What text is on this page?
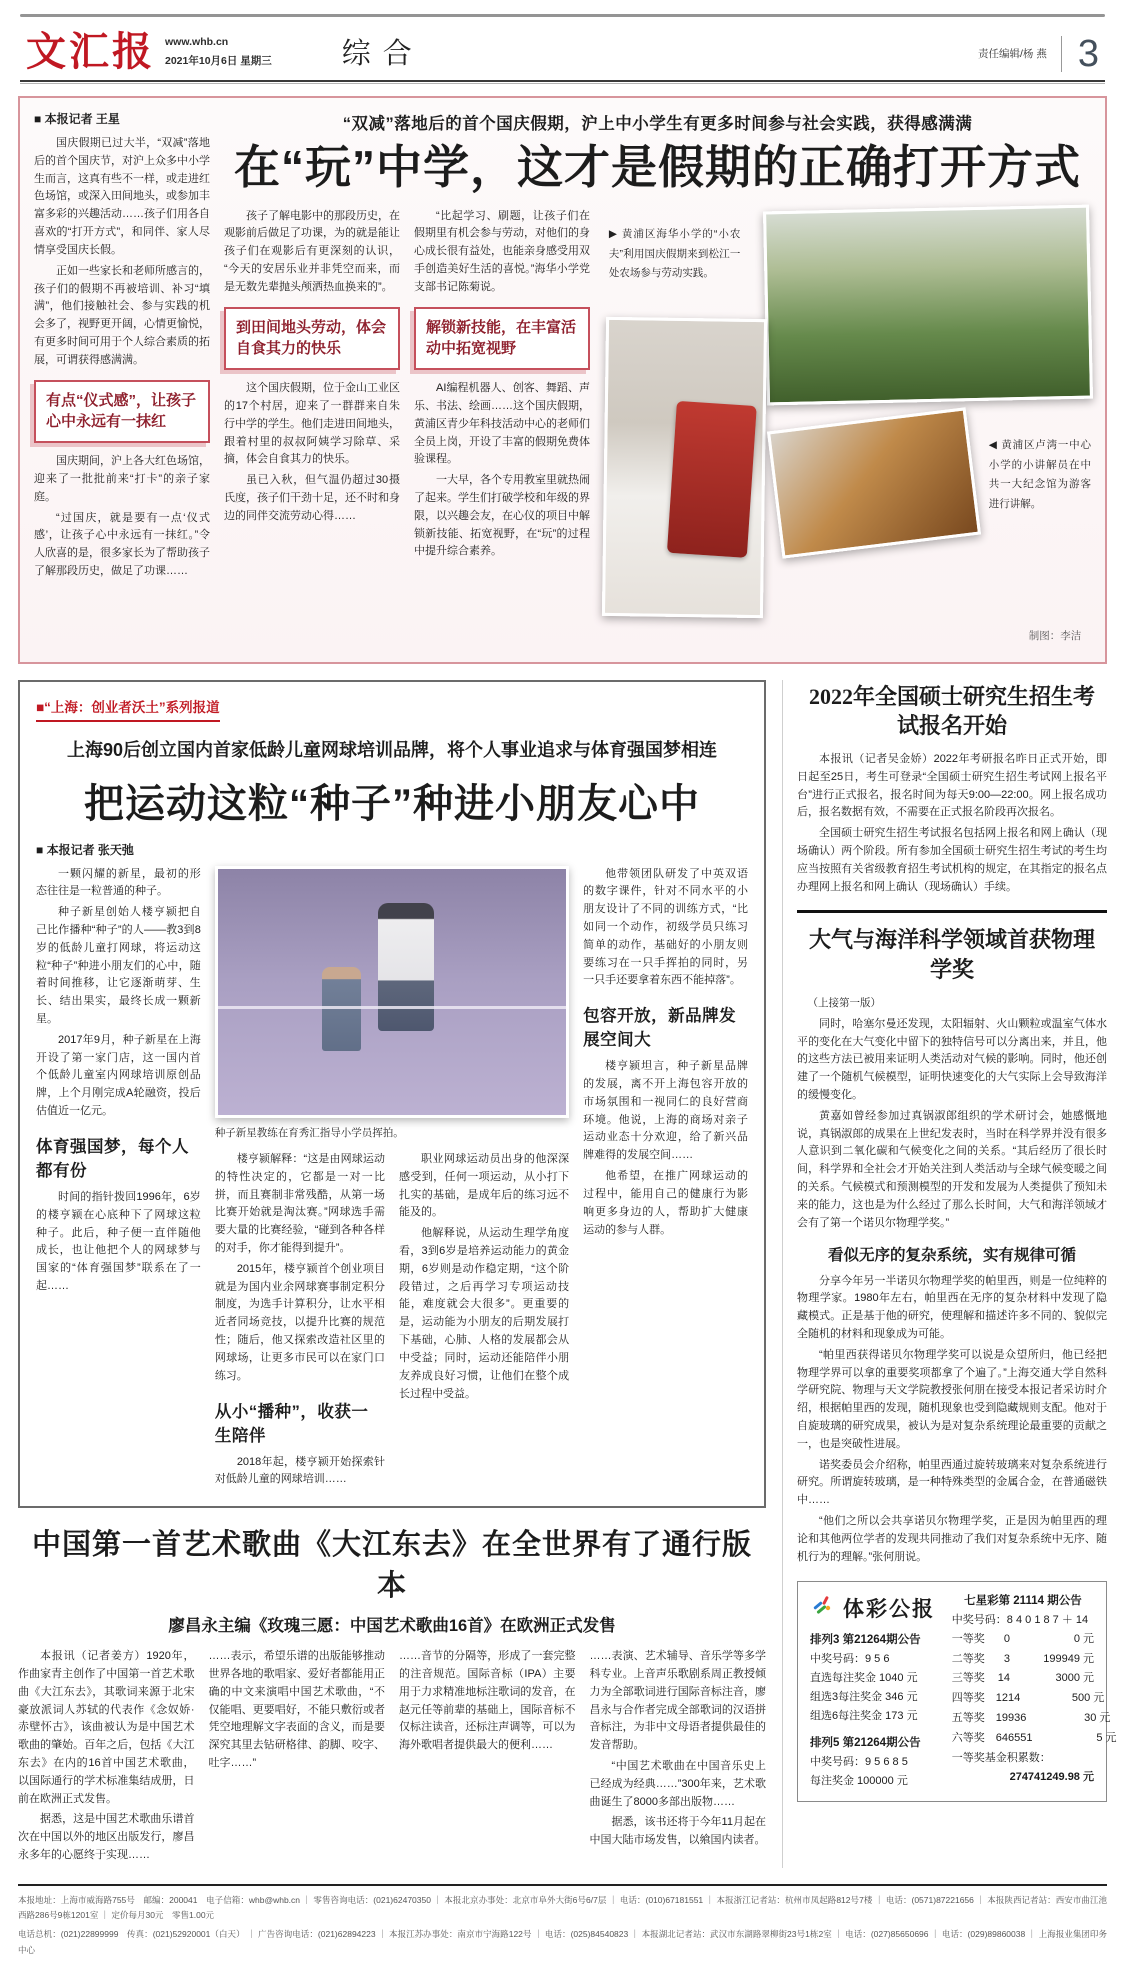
文汇报 www.whb.cn
2021年10月6日 星期三 综合	责任编辑/杨 燕 3
■ 本报记者 王星

国庆假期已过大半，“双减”落地后的首个国庆节，对沪上众多中小学生而言，这真有些不一样，或走进红色场馆，或深入田间地头，或参加丰富多彩的兴趣活动……孩子们用各自喜欢的“打开方式”，和同伴、家人尽情享受国庆长假。

正如一些家长和老师所感言的，孩子们的假期不再被培训、补习“填满”，他们接触社会、参与实践的机会多了，视野更开阔，心情更愉悦，有更多时间可用于个人综合素质的拓展，可谓获得感满满。

有点“仪式感”，让孩子心中永远有一抹红

国庆期间，沪上各大红色场馆，迎来了一批批前来“打卡”的亲子家庭。

“过国庆，就是要有一点‘仪式感’，让孩子心中永远有一抹红。”令人欣喜的是，很多家长为了帮助孩子了解那段历史，做足了功课……

“双减”落地后的首个国庆假期，沪上中小学生有更多时间参与社会实践，获得感满满
在“玩”中学，这才是假期的正确打开方式

孩子了解电影中的那段历史，在观影前后做足了功课，为的就是能让孩子们在观影后有更深刻的认识，“今天的安居乐业并非凭空而来，而是无数先辈抛头颅洒热血换来的”。

到田间地头劳动，体会自食其力的快乐

这个国庆假期，位于金山工业区的17个村居，迎来了一群群来自朱行中学的学生。他们走进田间地头，跟着村里的叔叔阿姨学习除草、采摘，体会自食其力的快乐。

虽已入秋，但气温仍超过30摄氏度，孩子们干劲十足，还不时和身边的同伴交流劳动心得……

“比起学习、刷题，让孩子们在假期里有机会参与劳动，对他们的身心成长很有益处，也能亲身感受用双手创造美好生活的喜悦。”海华小学党支部书记陈菊说。

解锁新技能，在丰富活动中拓宽视野

AI编程机器人、创客、舞蹈、声乐、书法、绘画……这个国庆假期，黄浦区青少年科技活动中心的老师们全员上岗，开设了丰富的假期免费体验课程。

一大早，各个专用教室里就热闹了起来。学生们打破学校和年级的界限，以兴趣会友，在心仪的项目中解锁新技能、拓宽视野，在“玩”的过程中提升综合素养。

▶ 黄浦区海华小学的“小农夫”利用国庆假期来到松江一处农场参与劳动实践。
◀ 黄浦区卢湾一中心小学的小讲解员在中共一大纪念馆为游客进行讲解。
制图：李洁
■“上海：创业者沃土”系列报道
上海90后创立国内首家低龄儿童网球培训品牌，将个人事业追求与体育强国梦相连
把运动这粒“种子”种进小朋友心中
■ 本报记者 张天弛

一颗闪耀的新星，最初的形态往往是一粒普通的种子。

种子新星创始人楼亨颍把自己比作播种“种子”的人——教3到8岁的低龄儿童打网球，将运动这粒“种子”种进小朋友们的心中，随着时间推移，让它逐渐萌芽、生长、结出果实，最终长成一颗新星。

2017年9月，种子新星在上海开设了第一家门店，这一国内首个低龄儿童室内网球培训原创品牌，上个月刚完成A轮融资，投后估值近一亿元。

体育强国梦，每个人都有份

时间的指针拨回1996年，6岁的楼亨颍在心底种下了网球这粒种子。此后，种子便一直伴随他成长，也让他把个人的网球梦与国家的“体育强国梦”联系在了一起……

种子新星教练在育秀汇指导小学员挥拍。

楼亨颍解释：“这是由网球运动的特性决定的，它都是一对一比拼，而且赛制非常残酷，从第一场比赛开始就是淘汰赛。”网球选手需要大量的比赛经验，“碰到各种各样的对手，你才能得到提升”。

2015年，楼亨颍首个创业项目就是为国内业余网球赛事制定积分制度，为选手计算积分，让水平相近者同场竞技，以提升比赛的规范性；随后，他又探索改造社区里的网球场，让更多市民可以在家门口练习。

从小“播种”，收获一生陪伴

2018年起，楼亨颍开始探索针对低龄儿童的网球培训……

职业网球运动员出身的他深深感受到，任何一项运动，从小打下扎实的基础，是成年后的练习远不能及的。

他解释说，从运动生理学角度看，3到6岁是培养运动能力的黄金期，6岁则是动作稳定期，“这个阶段错过，之后再学习专项运动技能，难度就会大很多”。更重要的是，运动能为小朋友的后期发展打下基础，心肺、人格的发展都会从中受益；同时，运动还能陪伴小朋友养成良好习惯，让他们在整个成长过程中受益。

他带领团队研发了中英双语的数字课件，针对不同水平的小朋友设计了不同的训练方式，“比如同一个动作，初级学员只练习简单的动作，基础好的小朋友则要练习在一只手挥拍的同时，另一只手还要拿着东西不能掉落”。

包容开放，新品牌发展空间大

楼亨颍坦言，种子新星品牌的发展，离不开上海包容开放的市场氛围和一视同仁的良好营商环境。他说，上海的商场对亲子运动业态十分欢迎，给了新兴品牌难得的发展空间……

他希望，在推广网球运动的过程中，能用自己的健康行为影响更多身边的人，帮助扩大健康运动的参与人群。

中国第一首艺术歌曲《大江东去》在全世界有了通行版本
廖昌永主编《玫瑰三愿：中国艺术歌曲16首》在欧洲正式发售

本报讯（记者姜方）1920年，作曲家青主创作了中国第一首艺术歌曲《大江东去》，其歌词来源于北宋豪放派词人苏轼的代表作《念奴娇·赤壁怀古》，该曲被认为是中国艺术歌曲的肇始。百年之后，包括《大江东去》在内的16首中国艺术歌曲，以国际通行的学术标准集结成册，日前在欧洲正式发售。

据悉，这是中国艺术歌曲乐谱首次在中国以外的地区出版发行，廖昌永多年的心愿终于实现……

……表示，希望乐谱的出版能够推动世界各地的歌唱家、爱好者都能用正确的中文来演唱中国艺术歌曲，“不仅能唱、更要唱好，不能只敷衍或者凭空地理解文字表面的含义，而是要深究其里去钻研格律、韵脚、咬字、吐字……”

……音节的分隔等，形成了一套完整的注音规范。国际音标（IPA）主要用于力求精准地标注歌词的发音，在赵元任等前辈的基础上，国际音标不仅标注读音，还标注声调等，可以为海外歌唱者提供最大的便利……

……表演、艺术辅导、音乐学等多学科专业。上音声乐歌剧系周正教授倾力为全部歌词进行国际音标注音，廖昌永与合作者完成全部歌词的汉语拼音标注，为非中文母语者提供最佳的发音帮助。

“中国艺术歌曲在中国音乐史上已经成为经典……”300年来，艺术歌曲诞生了8000多部出版物……

据悉，该书还将于今年11月起在中国大陆市场发售，以飨国内读者。

2022年全国硕士研究生招生考试报名开始

本报讯（记者吴金娇）2022年考研报名昨日正式开始，即日起至25日，考生可登录“全国硕士研究生招生考试网上报名平台”进行正式报名，报名时间为每天9:00—22:00。网上报名成功后，报名数据有效，不需要在正式报名阶段再次报名。

全国硕士研究生招生考试报名包括网上报名和网上确认（现场确认）两个阶段。所有参加全国硕士研究生招生考试的考生均应当按照有关省级教育招生考试机构的规定，在其指定的报名点办理网上报名和网上确认（现场确认）手续。

大气与海洋科学领域首获物理学奖

（上接第一版）

同时，哈塞尔曼还发现，太阳辐射、火山颗粒或温室气体水平的变化在大气变化中留下的独特信号可以分离出来，并且，他的这些方法已被用来证明人类活动对气候的影响。同时，他还创建了一个随机气候模型，证明快速变化的大气实际上会导致海洋的缓慢变化。

黄嘉如曾经参加过真锅淑郎组织的学术研讨会，她感慨地说，真锅淑郎的成果在上世纪发表时，当时在科学界并没有很多人意识到二氧化碳和气候变化之间的关系。“其后经历了很长时间，科学界和全社会才开始关注到人类活动与全球气候变暖之间的关系。气候模式和预测模型的开发和发展为人类提供了预知未来的能力，这也是为什么经过了那么长时间，大气和海洋领域才会有了第一个诺贝尔物理学奖。”

看似无序的复杂系统，实有规律可循

分享今年另一半诺贝尔物理学奖的帕里西，则是一位纯粹的物理学家。1980年左右，帕里西在无序的复杂材料中发现了隐藏模式。正是基于他的研究，使理解和描述许多不同的、貌似完全随机的材料和现象成为可能。

“帕里西获得诺贝尔物理学奖可以说是众望所归，他已经把物理学界可以拿的重要奖项都拿了个遍了。”上海交通大学自然科学研究院、物理与天文学院教授张何朋在接受本报记者采访时介绍，根据帕里西的发现，随机现象也受到隐藏规则支配。他对于自旋玻璃的研究成果，被认为是对复杂系统理论最重要的贡献之一，也是突破性进展。

诺奖委员会介绍称，帕里西通过旋转玻璃来对复杂系统进行研究。所谓旋转玻璃，是一种特殊类型的金属合金，在普通磁铁中……

“他们之所以会共享诺贝尔物理学奖，正是因为帕里西的理论和其他两位学者的发现共同推动了我们对复杂系统中无序、随机行为的理解。”张何朋说。

体彩公报
排列3 第21264期公告
中奖号码：9 5 6
直选每注奖金 1040 元
组选3每注奖金 346 元
组选6每注奖金 173 元
排列5 第21264期公告
中奖号码：9 5 6 8 5
每注奖金 100000 元
七星彩第 21114 期公告
中奖号码：8 4 0 1 8 7 ＋ 14
一等奖	0	0 元
二等奖	3	199949 元
三等奖	14	3000 元
四等奖	1214	500 元
五等奖	19936	30 元
六等奖	646551	5 元
一等奖基金积累数：
274741249.98 元

本报地址：上海市威海路755号　邮编：200041　电子信箱：whb@whb.cn ｜ 零售咨询电话：(021)62470350 ｜ 本报北京办事处：北京市阜外大街6号6/7层 ｜ 电话：(010)67181551 ｜ 本报浙江记者站：杭州市凤起路812号7楼 ｜ 电话：(0571)87221656 ｜ 本报陕西记者站：西安市曲江池西路286号9栋1201室 ｜ 定价每月30元　零售1.00元

电话总机：(021)22899999　传真：(021)52920001（白天） ｜ 广告咨询电话：(021)62894223 ｜ 本报江苏办事处：南京市宁海路122号 ｜ 电话：(025)84540823 ｜ 本报湖北记者站：武汉市东湖路翠柳街23号1栋2室 ｜ 电话：(027)85650696 ｜ 电话：(029)89860038 ｜ 上海报业集团印务中心
